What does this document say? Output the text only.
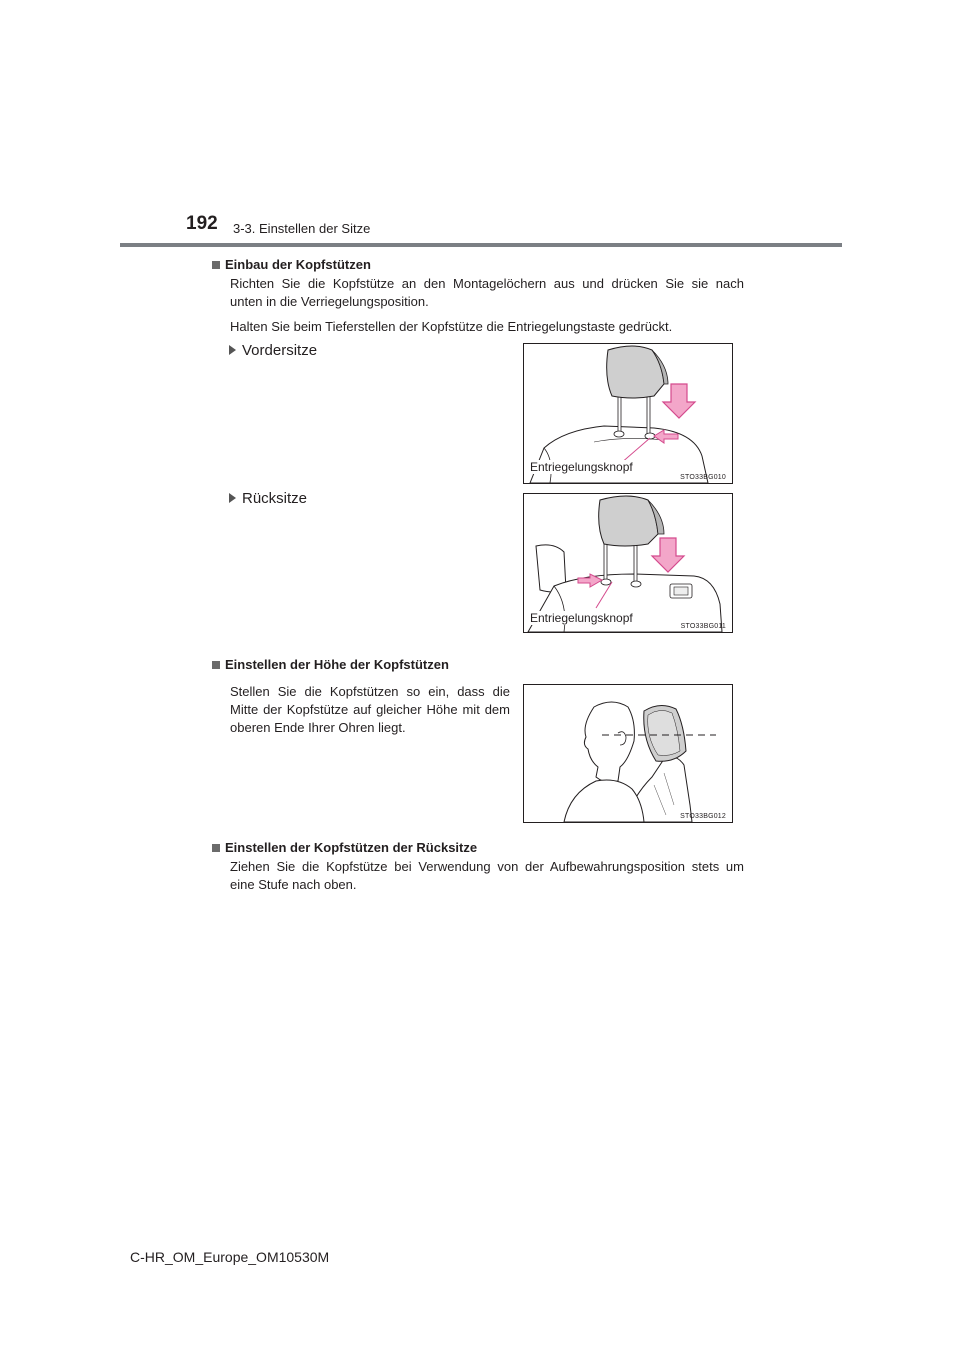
192 3-3. Einstellen der Sitze
Einbau der Kopfstützen
Richten Sie die Kopfstütze an den Montagelöchern aus und drücken Sie sie nach
unten in die Verriegelungsposition.
Halten Sie beim Tieferstellen der Kopfstütze die Entriegelungstaste gedrückt.
Vordersitze
Entriegelungsknopf
STO33BG010
Rücksitze
Entriegelungsknopf
STO33BG011
Einstellen der Höhe der Kopfstützen
Stellen Sie die Kopfstützen so ein, dass die
Mitte der Kopfstütze auf gleicher Höhe mit dem
oberen Ende Ihrer Ohren liegt.
STO33BG012
Einstellen der Kopfstützen der Rücksitze
Ziehen Sie die Kopfstütze bei Verwendung von der Aufbewahrungsposition stets um
eine Stufe nach oben.
C-HR_OM_Europe_OM10530M
